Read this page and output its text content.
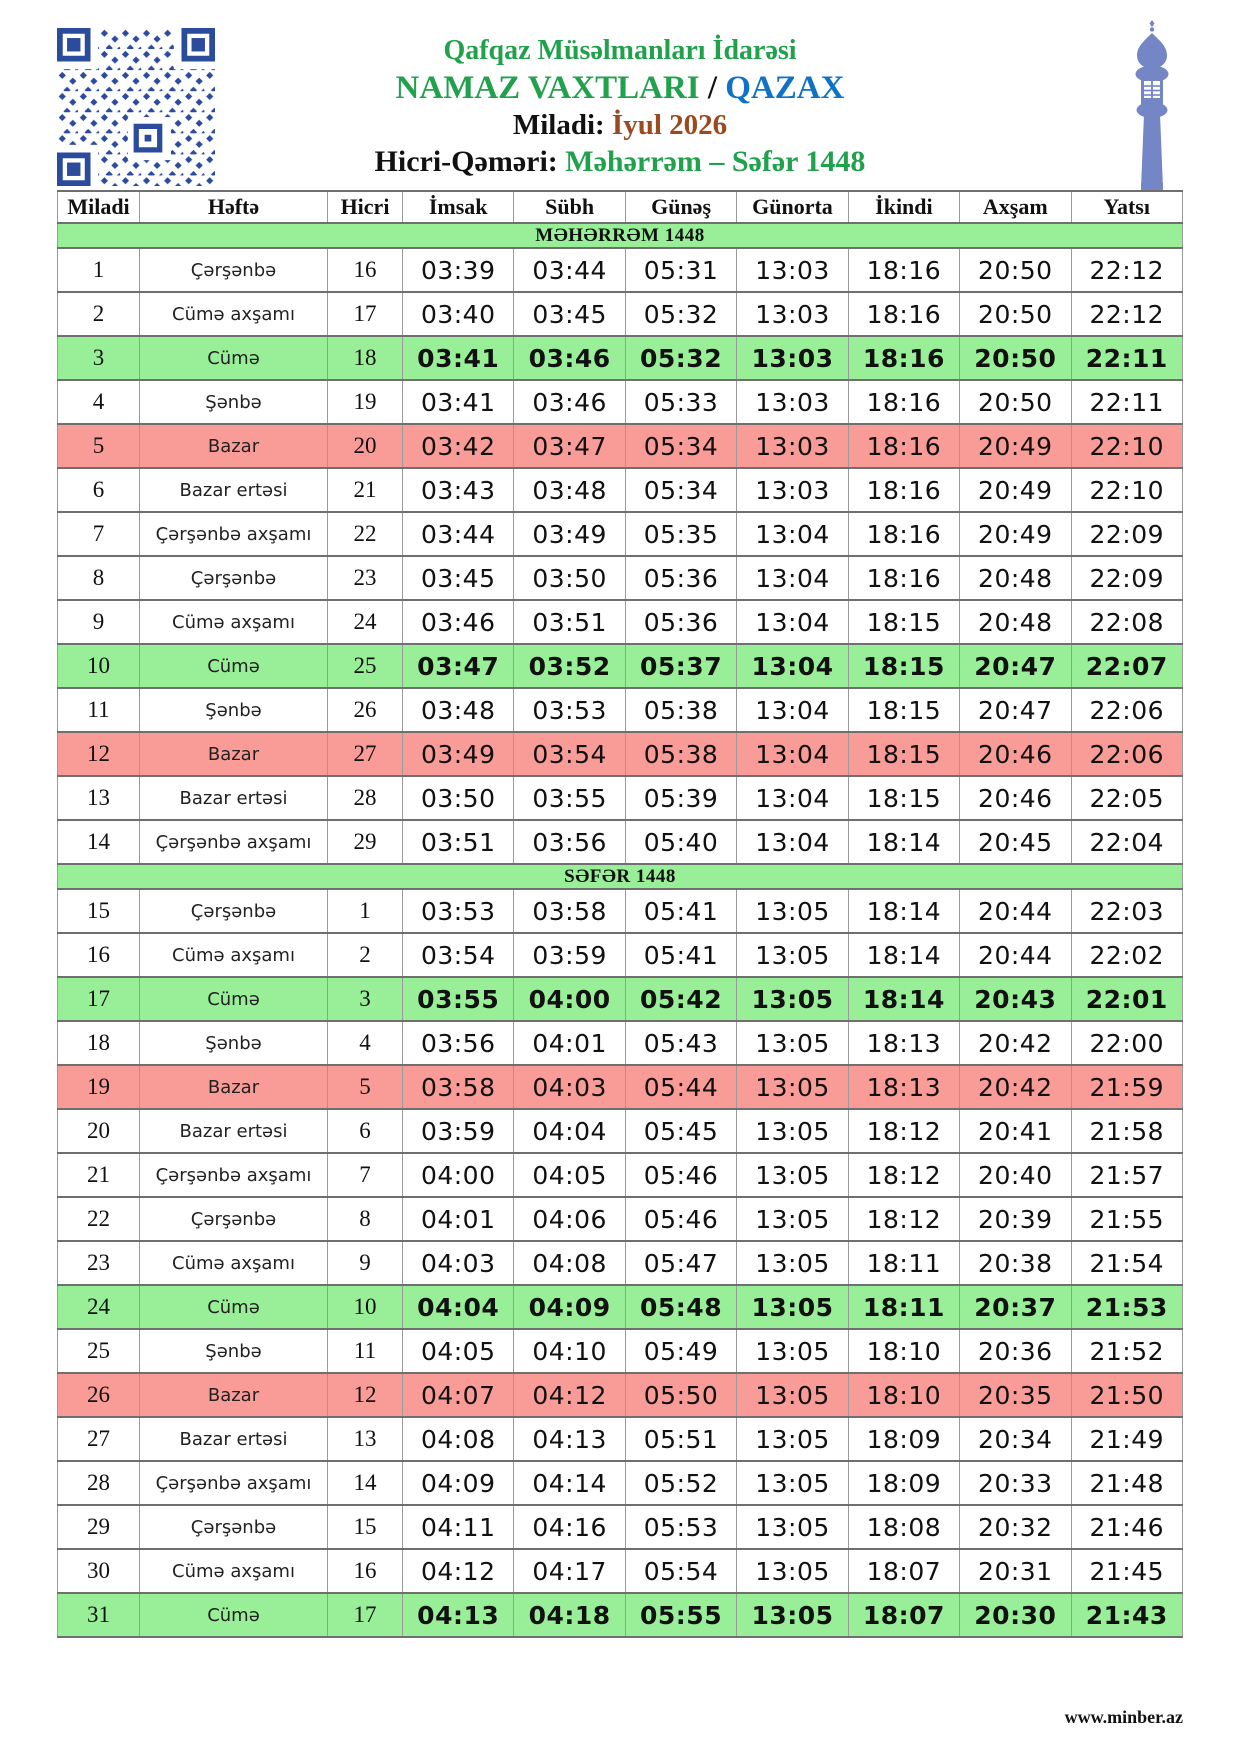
Qafqaz Müsəlmanları İdarəsi
NAMAZ VAXTLARI / QAZAX
Miladi: İyul 2026
Hicri-Qəməri: Məhərrəm – Səfər 1448
Miladi	Həftə	Hicri	İmsak	Sübh	Günəş	Günorta	İkindi	Axşam	Yatsı
MƏHƏRRƏM 1448									
1	Çərşənbə	16	03:39	03:44	05:31	13:03	18:16	20:50	22:12
2	Cümə axşamı	17	03:40	03:45	05:32	13:03	18:16	20:50	22:12
3	Cümə	18	03:41	03:46	05:32	13:03	18:16	20:50	22:11
4	Şənbə	19	03:41	03:46	05:33	13:03	18:16	20:50	22:11
5	Bazar	20	03:42	03:47	05:34	13:03	18:16	20:49	22:10
6	Bazar ertəsi	21	03:43	03:48	05:34	13:03	18:16	20:49	22:10
7	Çərşənbə axşamı	22	03:44	03:49	05:35	13:04	18:16	20:49	22:09
8	Çərşənbə	23	03:45	03:50	05:36	13:04	18:16	20:48	22:09
9	Cümə axşamı	24	03:46	03:51	05:36	13:04	18:15	20:48	22:08
10	Cümə	25	03:47	03:52	05:37	13:04	18:15	20:47	22:07
11	Şənbə	26	03:48	03:53	05:38	13:04	18:15	20:47	22:06
12	Bazar	27	03:49	03:54	05:38	13:04	18:15	20:46	22:06
13	Bazar ertəsi	28	03:50	03:55	05:39	13:04	18:15	20:46	22:05
14	Çərşənbə axşamı	29	03:51	03:56	05:40	13:04	18:14	20:45	22:04
SƏFƏR 1448									
15	Çərşənbə	1	03:53	03:58	05:41	13:05	18:14	20:44	22:03
16	Cümə axşamı	2	03:54	03:59	05:41	13:05	18:14	20:44	22:02
17	Cümə	3	03:55	04:00	05:42	13:05	18:14	20:43	22:01
18	Şənbə	4	03:56	04:01	05:43	13:05	18:13	20:42	22:00
19	Bazar	5	03:58	04:03	05:44	13:05	18:13	20:42	21:59
20	Bazar ertəsi	6	03:59	04:04	05:45	13:05	18:12	20:41	21:58
21	Çərşənbə axşamı	7	04:00	04:05	05:46	13:05	18:12	20:40	21:57
22	Çərşənbə	8	04:01	04:06	05:46	13:05	18:12	20:39	21:55
23	Cümə axşamı	9	04:03	04:08	05:47	13:05	18:11	20:38	21:54
24	Cümə	10	04:04	04:09	05:48	13:05	18:11	20:37	21:53
25	Şənbə	11	04:05	04:10	05:49	13:05	18:10	20:36	21:52
26	Bazar	12	04:07	04:12	05:50	13:05	18:10	20:35	21:50
27	Bazar ertəsi	13	04:08	04:13	05:51	13:05	18:09	20:34	21:49
28	Çərşənbə axşamı	14	04:09	04:14	05:52	13:05	18:09	20:33	21:48
29	Çərşənbə	15	04:11	04:16	05:53	13:05	18:08	20:32	21:46
30	Cümə axşamı	16	04:12	04:17	05:54	13:05	18:07	20:31	21:45
31	Cümə	17	04:13	04:18	05:55	13:05	18:07	20:30	21:43
www.minber.az
